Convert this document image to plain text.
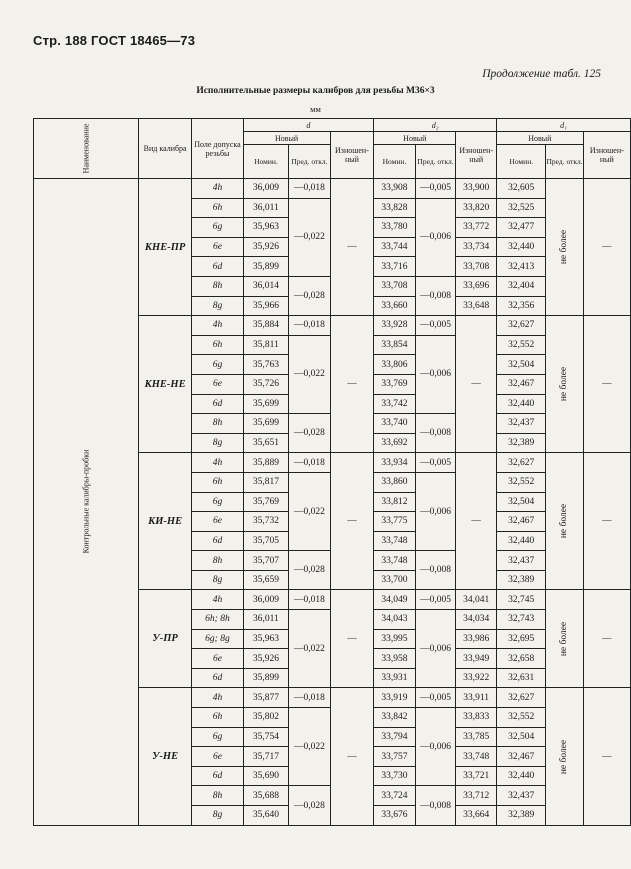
Стр. 188 ГОСТ 18465—73
Продолжение табл. 125
Исполнительные размеры калибров для резьбы M36×3
мм
Наименование	Вид калибра	Поле допуска резьбы	d			d₂			d₁		
			Новый		Изношен-ный	Новый		Изношен-ный	Новый		Изношен-ный
			Номин.	Пред. откл.		Номин.	Пред. откл.		Номин.	Пред. откл.	
Контрольные калибры-пробки	КНЕ-ПР	4h	36,009	—0,018	—	33,908	—0,005	33,900	32,605	не более	—
		6h	36,011	—0,022		33,828	—0,006	33,820	32,525		
		6g	35,963			33,780		33,772	32,477		
		6e	35,926			33,744		33,734	32,440		
		6d	35,899			33,716		33,708	32,413		
		8h	36,014	—0,028		33,708	—0,008	33,696	32,404		
		8g	35,966			33,660		33,648	32,356		
	КНЕ-НЕ	4h	35,884	—0,018	—	33,928	—0,005	—	32,627	не более	—
		6h	35,811	—0,022		33,854	—0,006		32,552		
		6g	35,763			33,806			32,504		
		6e	35,726			33,769			32,467		
		6d	35,699			33,742			32,440		
		8h	35,699	—0,028		33,740	—0,008		32,437		
		8g	35,651			33,692			32,389		
	КИ-НЕ	4h	35,889	—0,018	—	33,934	—0,005	—	32,627	не более	—
		6h	35,817	—0,022		33,860	—0,006		32,552		
		6g	35,769			33,812			32,504		
		6e	35,732			33,775			32,467		
		6d	35,705			33,748			32,440		
		8h	35,707	—0,028		33,748	—0,008		32,437		
		8g	35,659			33,700			32,389		
	У-ПР	4h	36,009	—0,018	—	34,049	—0,005	34,041	32,745	не более	—
		6h; 8h	36,011	—0,022		34,043	—0,006	34,034	32,743		
		6g; 8g	35,963			33,995		33,986	32,695		
		6e	35,926			33,958		33,949	32,658		
		6d	35,899			33,931		33,922	32,631		
	У-НЕ	4h	35,877	—0,018	—	33,919	—0,005	33,911	32,627	не более	—
		6h	35,802	—0,022		33,842	—0,006	33,833	32,552		
		6g	35,754			33,794		33,785	32,504		
		6e	35,717			33,757		33,748	32,467		
		6d	35,690			33,730		33,721	32,440		
		8h	35,688	—0,028		33,724	—0,008	33,712	32,437		
		8g	35,640			33,676		33,664	32,389		
